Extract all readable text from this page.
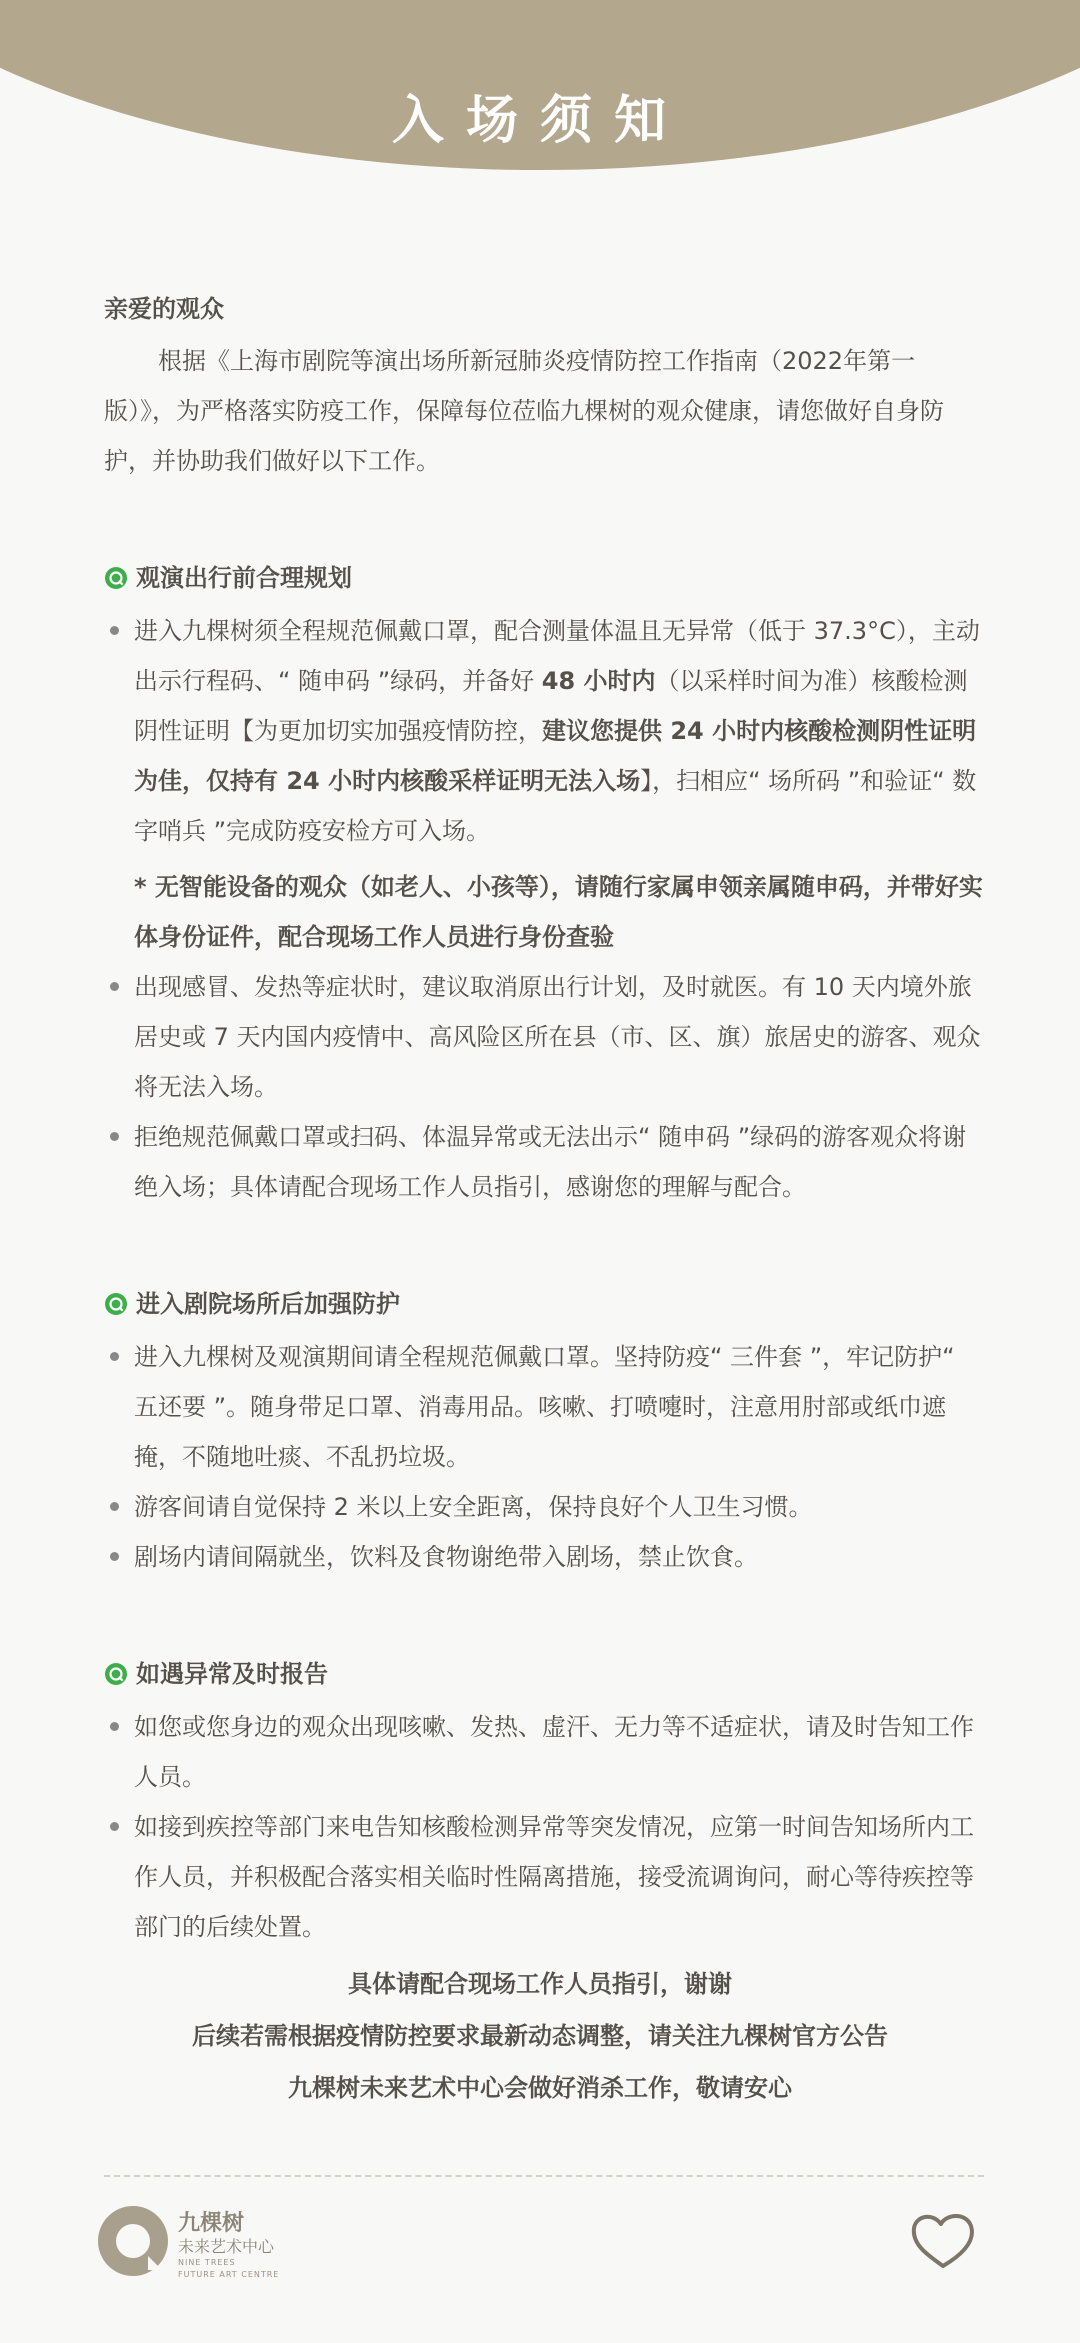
入场须知

亲爱的观众

根据《上海市剧院等演出场所新冠肺炎疫情防控工作指南（2022年第一版）》，为严格落实防疫工作，保障每位莅临九棵树的观众健康，请您做好自身防护，并协助我们做好以下工作。

观演出行前合理规划
进入九棵树须全程规范佩戴口罩，配合测量体温且无异常（低于 37.3°C），主动出示行程码、“ 随申码 ”绿码，并备好 48 小时内（以采样时间为准）核酸检测阴性证明【为更加切实加强疫情防控，建议您提供 24 小时内核酸检测阴性证明为佳，仅持有 24 小时内核酸采样证明无法入场】，扫相应“ 场所码 ”和验证“ 数字哨兵 ”完成防疫安检方可入场。
* 无智能设备的观众（如老人、小孩等），请随行家属申领亲属随申码，并带好实体身份证件，配合现场工作人员进行身份查验
出现感冒、发热等症状时，建议取消原出行计划，及时就医。有 10 天内境外旅居史或 7 天内国内疫情中、高风险区所在县（市、区、旗）旅居史的游客、观众将无法入场。
拒绝规范佩戴口罩或扫码、体温异常或无法出示“ 随申码 ”绿码的游客观众将谢绝入场；具体请配合现场工作人员指引，感谢您的理解与配合。
进入剧院场所后加强防护
进入九棵树及观演期间请全程规范佩戴口罩。坚持防疫“ 三件套 ”，牢记防护“ 五还要 ”。随身带足口罩、消毒用品。咳嗽、打喷嚏时，注意用肘部或纸巾遮掩，不随地吐痰、不乱扔垃圾。
游客间请自觉保持 2 米以上安全距离，保持良好个人卫生习惯。
剧场内请间隔就坐，饮料及食物谢绝带入剧场，禁止饮食。
如遇异常及时报告
如您或您身边的观众出现咳嗽、发热、虚汗、无力等不适症状，请及时告知工作人员。
如接到疾控等部门来电告知核酸检测异常等突发情况，应第一时间告知场所内工作人员，并积极配合落实相关临时性隔离措施，接受流调询问，耐心等待疾控等部门的后续处置。
具体请配合现场工作人员指引，谢谢
后续若需根据疫情防控要求最新动态调整，请关注九棵树官方公告
九棵树未来艺术中心会做好消杀工作，敬请安心
九棵树
未来艺术中心
NINE TREES
FUTURE ART CENTRE
